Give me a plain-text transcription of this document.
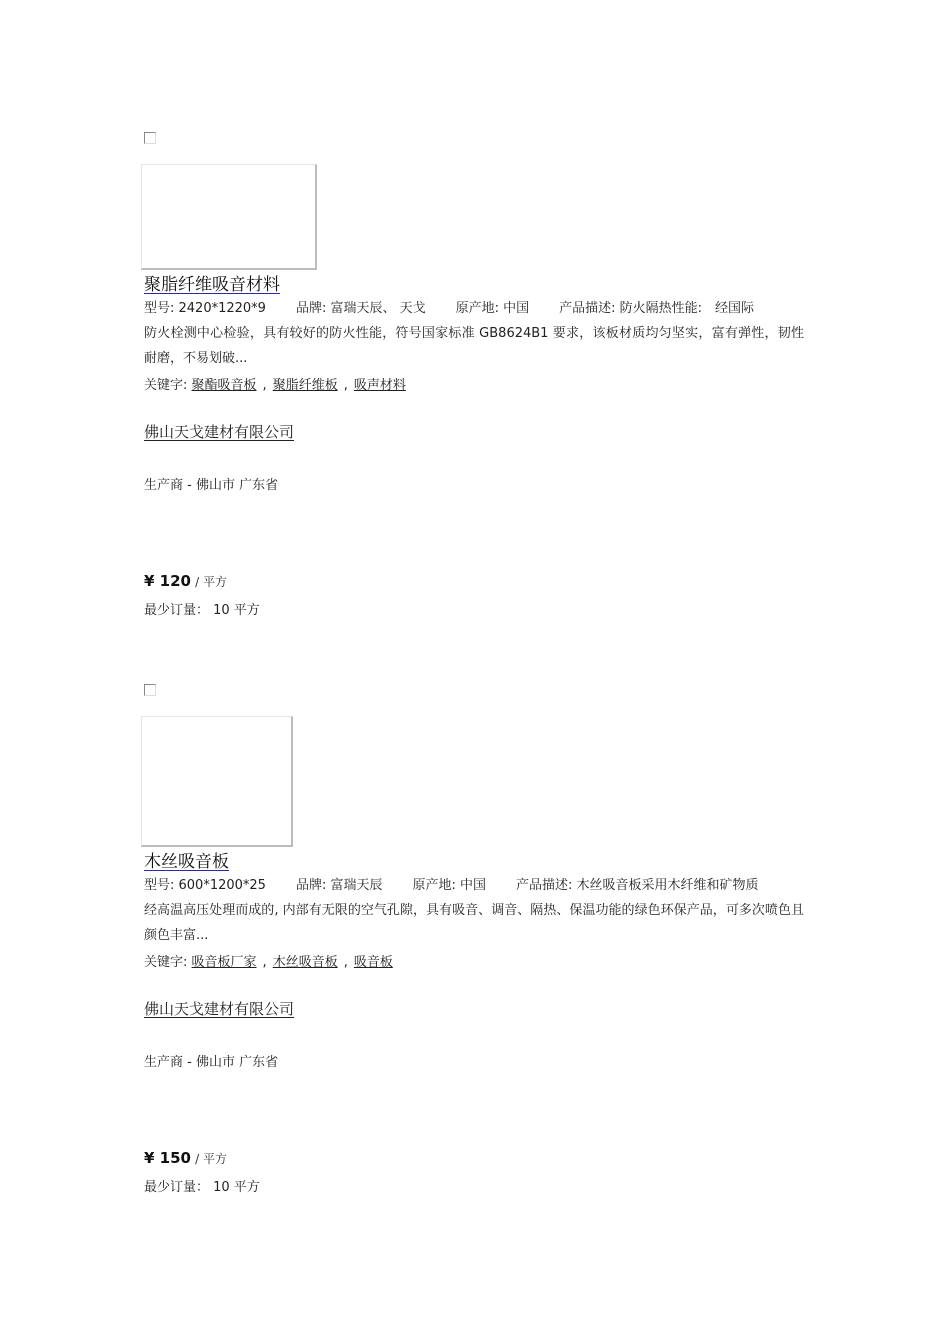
聚脂纤维吸音材料
型号: 2420*1220*9 品牌: 富瑞天辰、 天戈 原产地: 中国 产品描述: 防火隔热性能:　经国际
防火栓测中心检验，具有较好的防火性能，符号国家标准 GB8624B1 要求，该板材质均匀坚实，富有弹性，韧性耐磨，不易划破...
关键字: 聚酯吸音板 , 聚脂纤维板 , 吸声材料
佛山天戈建材有限公司
生产商 - 佛山市 广东省
¥ 120 / 平方
最少订量： 10 平方
木丝吸音板
型号: 600*1200*25 品牌: 富瑞天辰 原产地: 中国 产品描述: 木丝吸音板采用木纤维和矿物质
经高温高压处理而成的, 内部有无限的空气孔隙，具有吸音、调音、隔热、保温功能的绿色环保产品，可多次喷色且颜色丰富...
关键字: 吸音板厂家 , 木丝吸音板 , 吸音板
佛山天戈建材有限公司
生产商 - 佛山市 广东省
¥ 150 / 平方
最少订量： 10 平方
